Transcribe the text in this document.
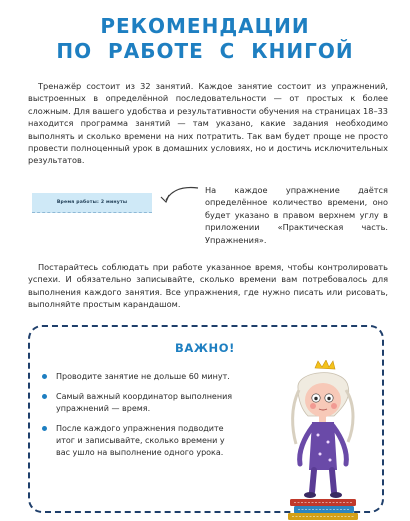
РЕКОМЕНДАЦИИ
ПО  РАБОТЕ  С  КНИГОЙ

Тренажёр состоит из 32 занятий. Каждое занятие состоит из упражнений, выстроенных в определённой последовательности — от простых к более сложным. Для вашего удобства и результативности обучения на страницах 18–33 находится программа занятий — там указано, какие задания необходимо выполнять и сколько времени на них потратить. Так вам будет проще не просто провести полноценный урок в домашних условиях, но и достичь исключительных результатов.

Время работы: 2 минуты

На каждое упражнение даётся определённое количество времени, оно будет указано в правом верхнем углу в приложении «Практическая часть. Упражнения».

Постарайтесь соблюдать при работе указанное время, чтобы контролировать успехи. И обязательно записывайте, сколько времени вам потребовалось для выполнения каждого занятия. Все упражнения, где нужно писать или рисовать, выполняйте простым карандашом.

ВАЖНО!
Проводите занятие не дольше 60 минут.
Самый важный координатор выполнения упражнений — время.
После каждого упражнения подводите итог и записывайте, сколько времени у вас ушло на выполнение одного урока.
